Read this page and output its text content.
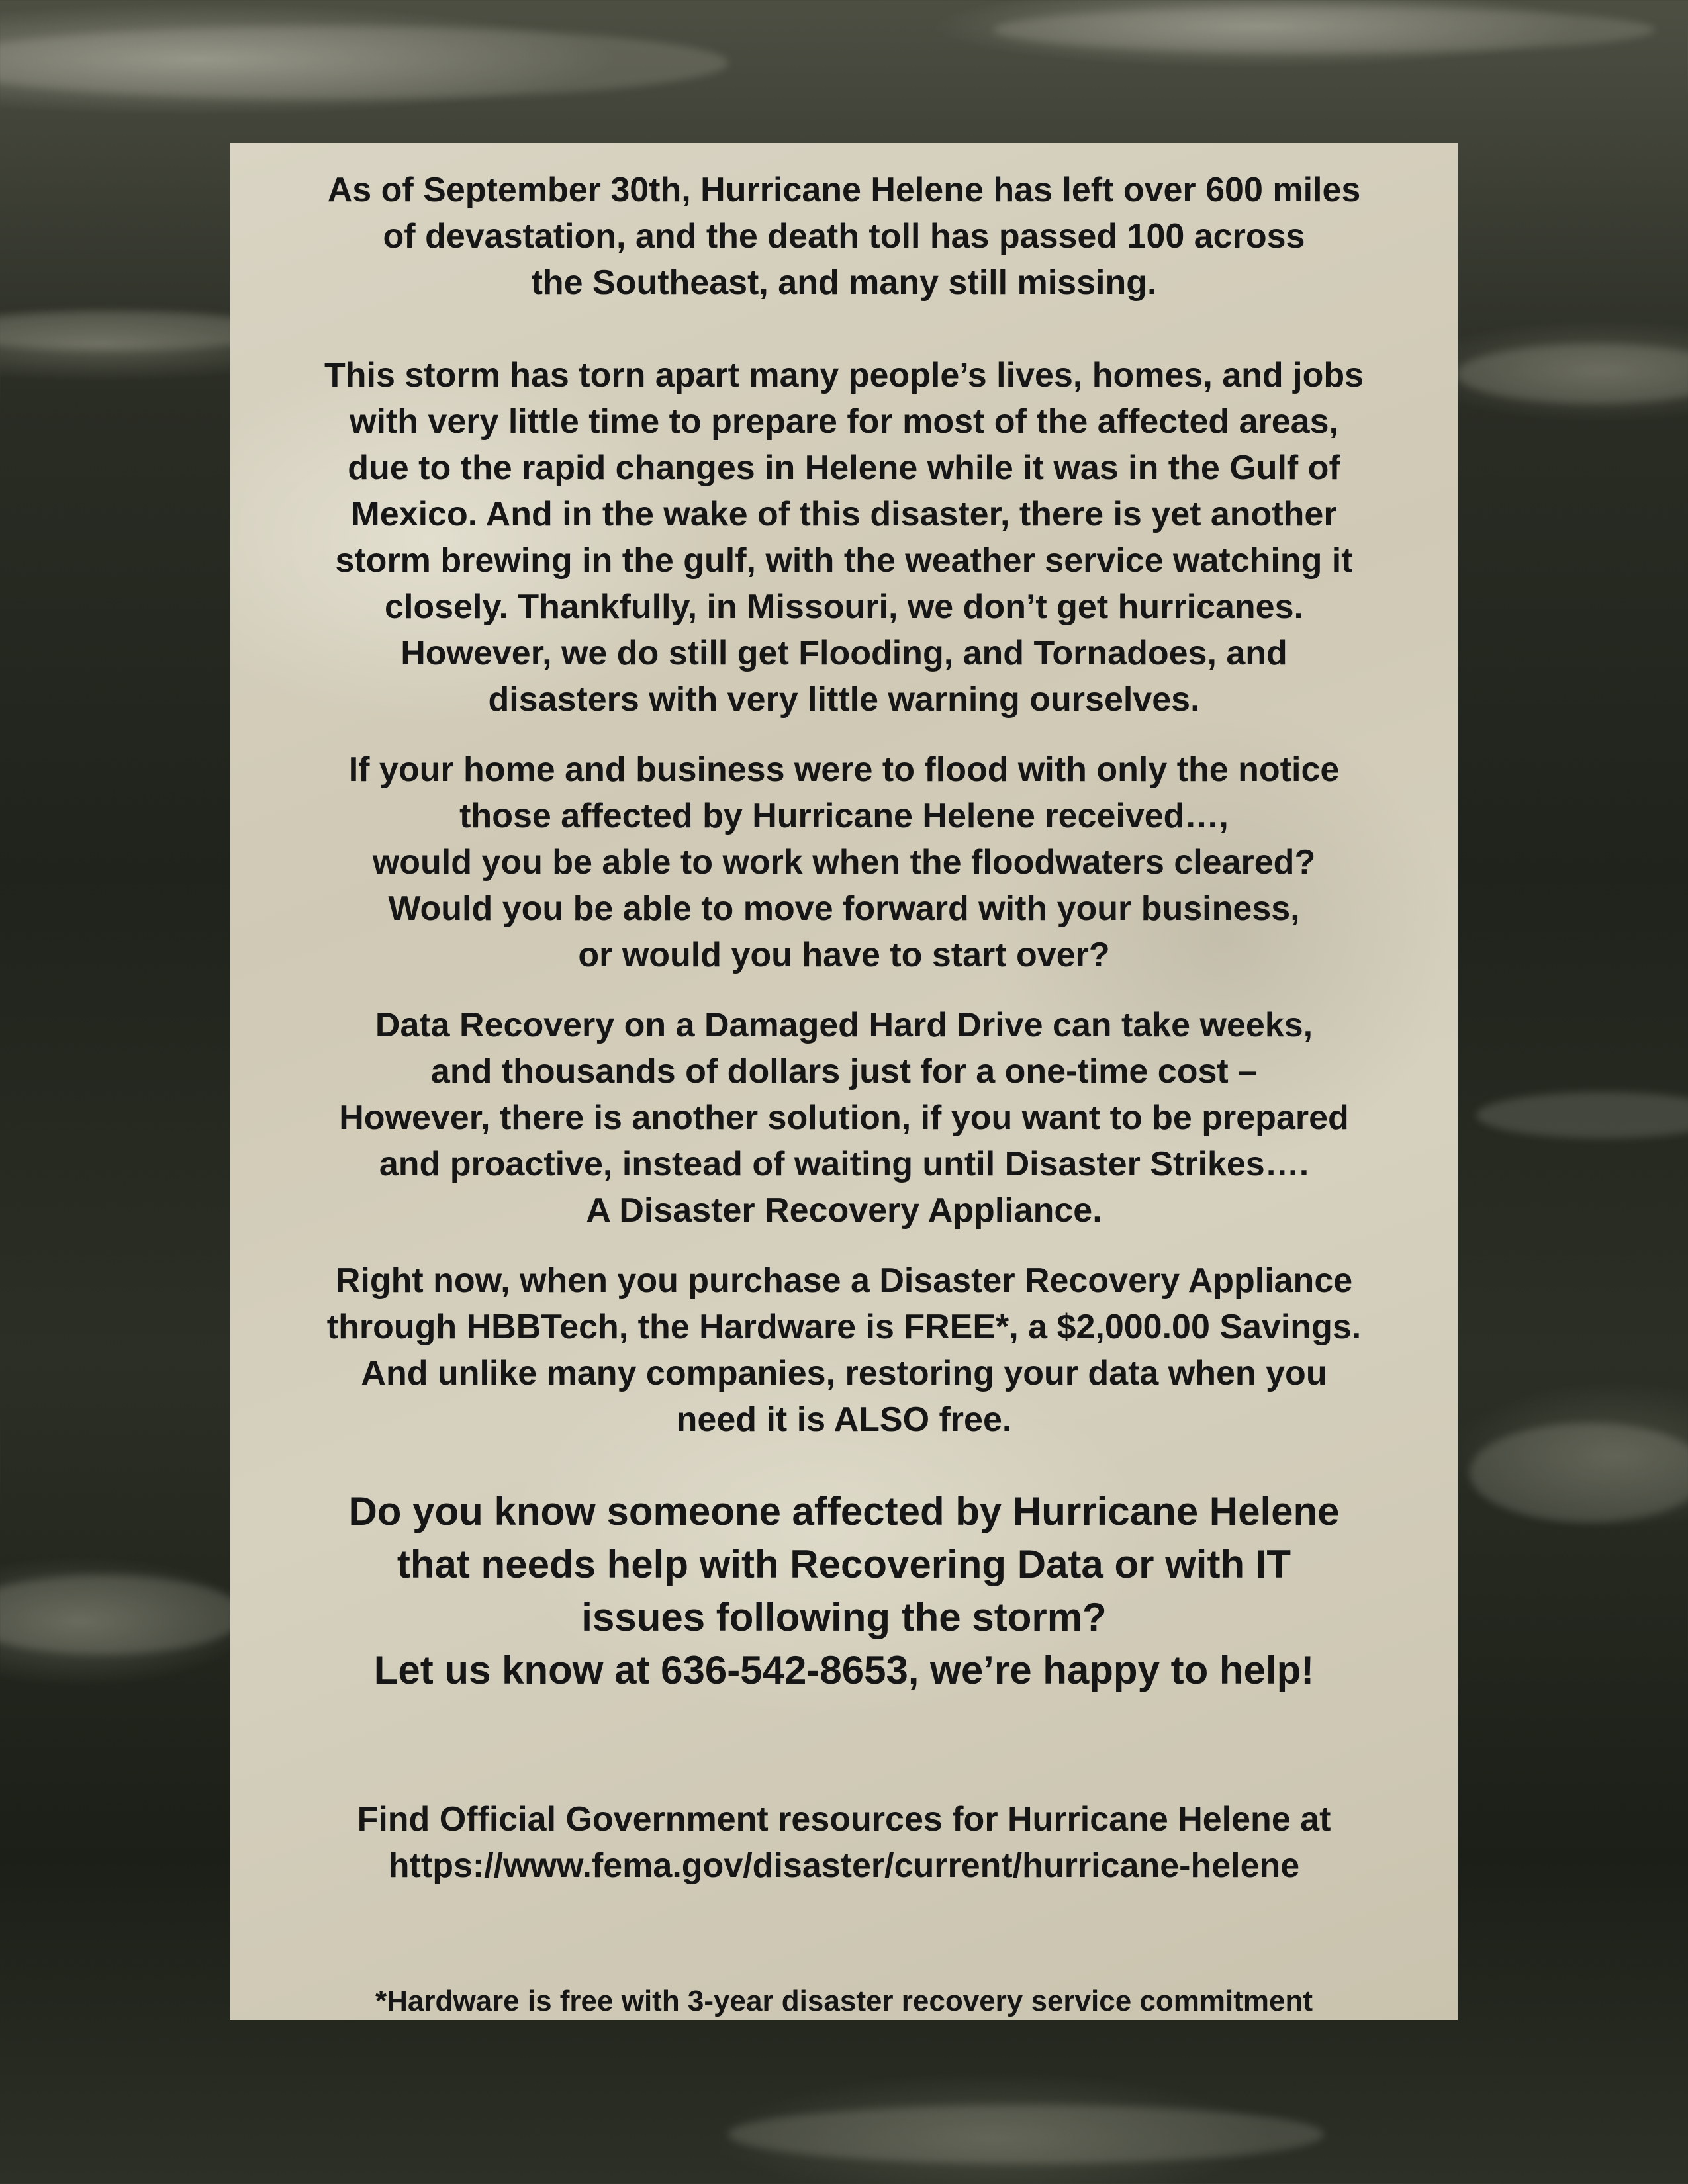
As of September 30th, Hurricane Helene has left over 600 miles
of devastation, and the death toll has passed 100 across
the Southeast, and many still missing.

This storm has torn apart many people’s lives, homes, and jobs
with very little time to prepare for most of the affected areas,
due to the rapid changes in Helene while it was in the Gulf of
Mexico. And in the wake of this disaster, there is yet another
storm brewing in the gulf, with the weather service watching it
closely. Thankfully, in Missouri, we don’t get hurricanes.
However, we do still get Flooding, and Tornadoes, and
disasters with very little warning ourselves.

If your home and business were to flood with only the notice
those affected by Hurricane Helene received…,
would you be able to work when the floodwaters cleared?
Would you be able to move forward with your business,
or would you have to start over?

Data Recovery on a Damaged Hard Drive can take weeks,
and thousands of dollars just for a one-time cost –
However, there is another solution, if you want to be prepared
and proactive, instead of waiting until Disaster Strikes….
A Disaster Recovery Appliance.

Right now, when you purchase a Disaster Recovery Appliance
through HBBTech, the Hardware is FREE*, a $2,000.00 Savings.
And unlike many companies, restoring your data when you
need it is ALSO free.

Do you know someone affected by Hurricane Helene
that needs help with Recovering Data or with IT
issues following the storm?
Let us know at 636-542-8653, we’re happy to help!

Find Official Government resources for Hurricane Helene at
https://www.fema.gov/disaster/current/hurricane-helene

*Hardware is free with 3-year disaster recovery service commitment
